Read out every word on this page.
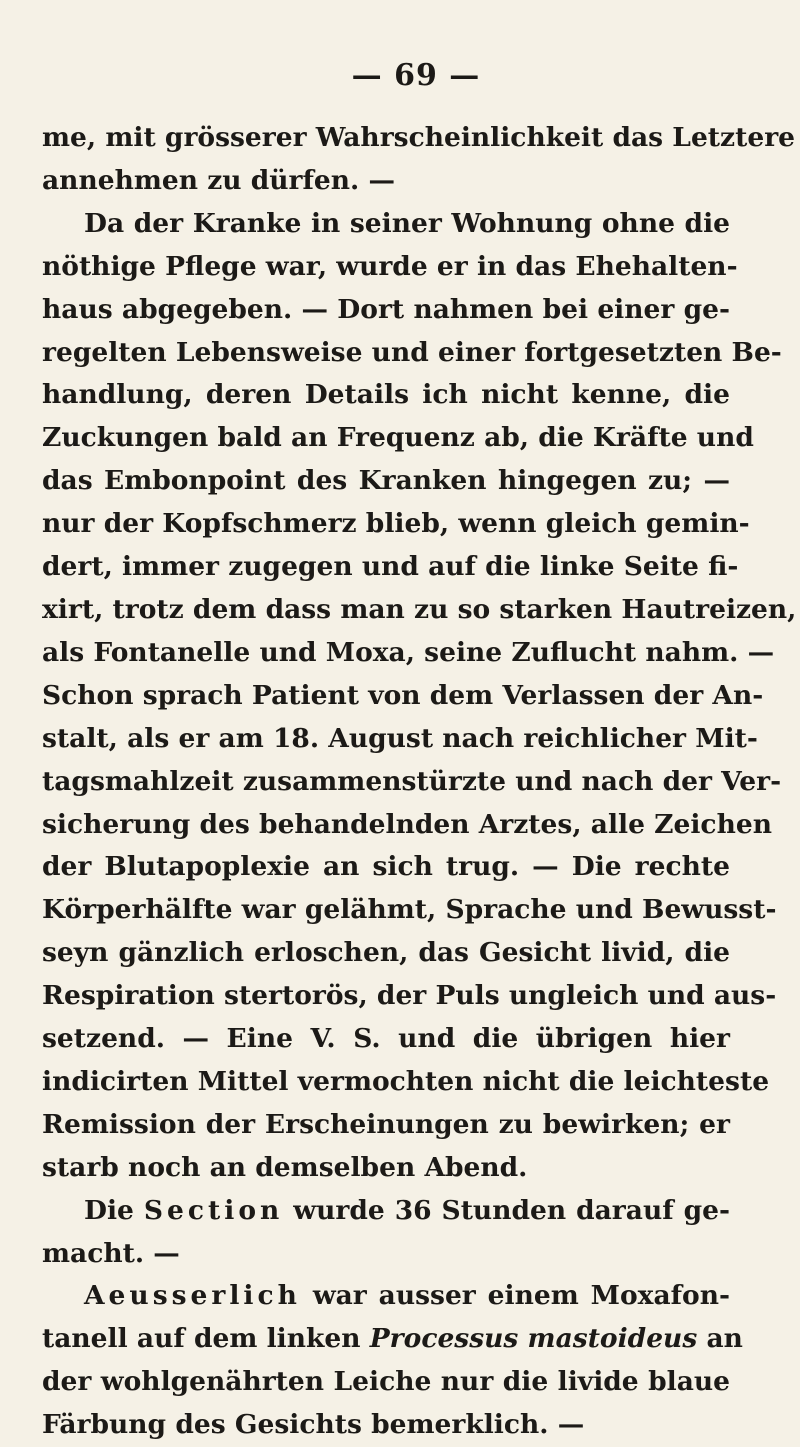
— 69 —
me, mit grösserer Wahrscheinlichkeit das Letztere
annehmen zu dürfen. —
Da der Kranke in seiner Wohnung ohne die
nöthige Pflege war, wurde er in das Ehehalten-
haus abgegeben. — Dort nahmen bei einer ge-
regelten Lebensweise und einer fortgesetzten Be-
handlung, deren Details ich nicht kenne, die
Zuckungen bald an Frequenz ab, die Kräfte und
das Embonpoint des Kranken hingegen zu; —
nur der Kopfschmerz blieb, wenn gleich gemin-
dert, immer zugegen und auf die linke Seite fi-
xirt, trotz dem dass man zu so starken Hautreizen,
als Fontanelle und Moxa, seine Zuflucht nahm. —
Schon sprach Patient von dem Verlassen der An-
stalt, als er am 18. August nach reichlicher Mit-
tagsmahlzeit zusammenstürzte und nach der Ver-
sicherung des behandelnden Arztes, alle Zeichen
der Blutapoplexie an sich trug. — Die rechte
Körperhälfte war gelähmt, Sprache und Bewusst-
seyn gänzlich erloschen, das Gesicht livid, die
Respiration stertorös, der Puls ungleich und aus-
setzend. — Eine V. S. und die übrigen hier
indicirten Mittel vermochten nicht die leichteste
Remission der Erscheinungen zu bewirken; er
starb noch an demselben Abend.
Die Section wurde 36 Stunden darauf ge-
macht. —
Aeusserlich war ausser einem Moxafon-
tanell auf dem linken Processus mastoideus an
der wohlgenährten Leiche nur die livide blaue
Färbung des Gesichts bemerklich. —
